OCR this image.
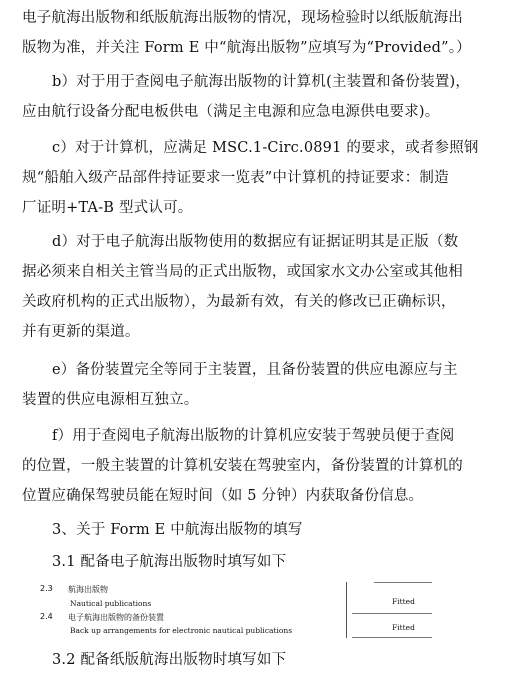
电子航海出版物和纸版航海出版物的情况，现场检验时以纸版航海出
版物为准，并关注 Form E 中“航海出版物”应填写为“Provided”。）
b）对于用于查阅电子航海出版物的计算机(主装置和备份装置)，
应由航行设备分配电板供电（满足主电源和应急电源供电要求)。
c）对于计算机，应满足 MSC.1-Circ.0891 的要求，或者参照钢
规“船舶入级产品部件持证要求一览表”中计算机的持证要求：制造
厂证明+TA-B 型式认可。
d）对于电子航海出版物使用的数据应有证据证明其是正版（数
据必须来自相关主管当局的正式出版物，或国家水文办公室或其他相
关政府机构的正式出版物），为最新有效，有关的修改已正确标识，
并有更新的渠道。
e）备份装置完全等同于主装置，且备份装置的供应电源应与主
装置的供应电源相互独立。
f）用于查阅电子航海出版物的计算机应安装于驾驶员便于查阅
的位置，一般主装置的计算机安装在驾驶室内，备份装置的计算机的
位置应确保驾驶员能在短时间（如 5 分钟）内获取备份信息。
3、关于 Form E 中航海出版物的填写
3.1 配备电子航海出版物时填写如下
2.3 航海出版物
Nautical publications	Fitted
2.4 电子航海出版物的备份装置
Back up arrangements for electronic nautical publications	Fitted
3.2 配备纸版航海出版物时填写如下
